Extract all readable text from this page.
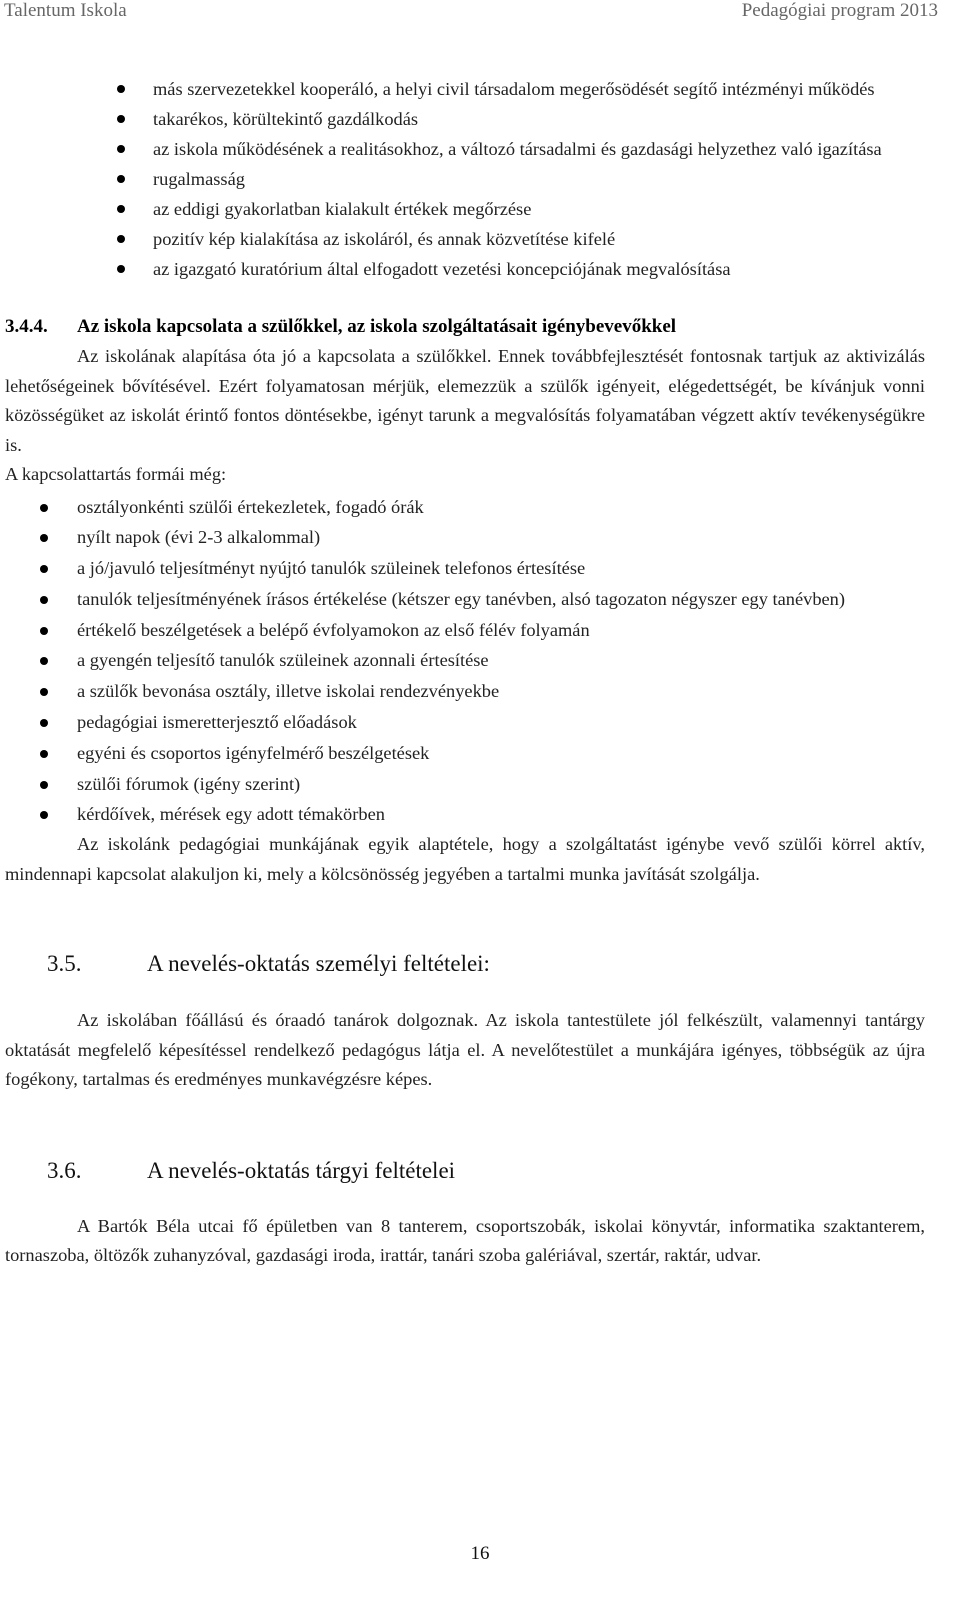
Talentum Iskola	Pedagógiai program 2013
más szervezetekkel kooperáló, a helyi civil társadalom megerősödését segítő intézményi működés
takarékos, körültekintő gazdálkodás
az iskola működésének a realitásokhoz, a változó társadalmi és gazdasági helyzethez való igazítása
rugalmasság
az eddigi gyakorlatban kialakult értékek megőrzése
pozitív kép kialakítása az iskoláról, és annak közvetítése kifelé
az igazgató kuratórium által elfogadott vezetési koncepciójának megvalósítása
3.4.4. Az iskola kapcsolata a szülőkkel, az iskola szolgáltatásait igénybevevőkkel

Az iskolának alapítása óta jó a kapcsolata a szülőkkel. Ennek továbbfejlesztését fontosnak tartjuk az aktivizálás lehetőségeinek bővítésével. Ezért folyamatosan mérjük, elemezzük a szülők igényeit, elégedettségét, be kívánjuk vonni közösségüket az iskolát érintő fontos döntésekbe, igényt tarunk a megvalósítás folyamatában végzett aktív tevékenységükre is.

A kapcsolattartás formái még:

osztályonkénti szülői értekezletek, fogadó órák
nyílt napok (évi 2-3 alkalommal)
a jó/javuló teljesítményt nyújtó tanulók szüleinek telefonos értesítése
tanulók teljesítményének írásos értékelése (kétszer egy tanévben, alsó tagozaton négyszer egy tanévben)
értékelő beszélgetések a belépő évfolyamokon az első félév folyamán
a gyengén teljesítő tanulók szüleinek azonnali értesítése
a szülők bevonása osztály, illetve iskolai rendezvényekbe
pedagógiai ismeretterjesztő előadások
egyéni és csoportos igényfelmérő beszélgetések
szülői fórumok (igény szerint)
kérdőívek, mérések egy adott témakörben

Az iskolánk pedagógiai munkájának egyik alaptétele, hogy a szolgáltatást igénybe vevő szülői körrel aktív, mindennapi kapcsolat alakuljon ki, mely a kölcsönösség jegyében a tartalmi munka javítását szolgálja.

3.5.	A nevelés-oktatás személyi feltételei:

Az iskolában főállású és óraadó tanárok dolgoznak. Az iskola tantestülete jól felkészült, valamennyi tantárgy oktatását megfelelő képesítéssel rendelkező pedagógus látja el. A nevelőtestület a munkájára igényes, többségük az újra fogékony, tartalmas és eredményes munkavégzésre képes.

3.6.	A nevelés-oktatás tárgyi feltételei

A Bartók Béla utcai fő épületben van 8 tanterem, csoportszobák, iskolai könyvtár, informatika szaktanterem, tornaszoba, öltözők zuhanyzóval, gazdasági iroda, irattár, tanári szoba galériával, szertár, raktár, udvar.

16
